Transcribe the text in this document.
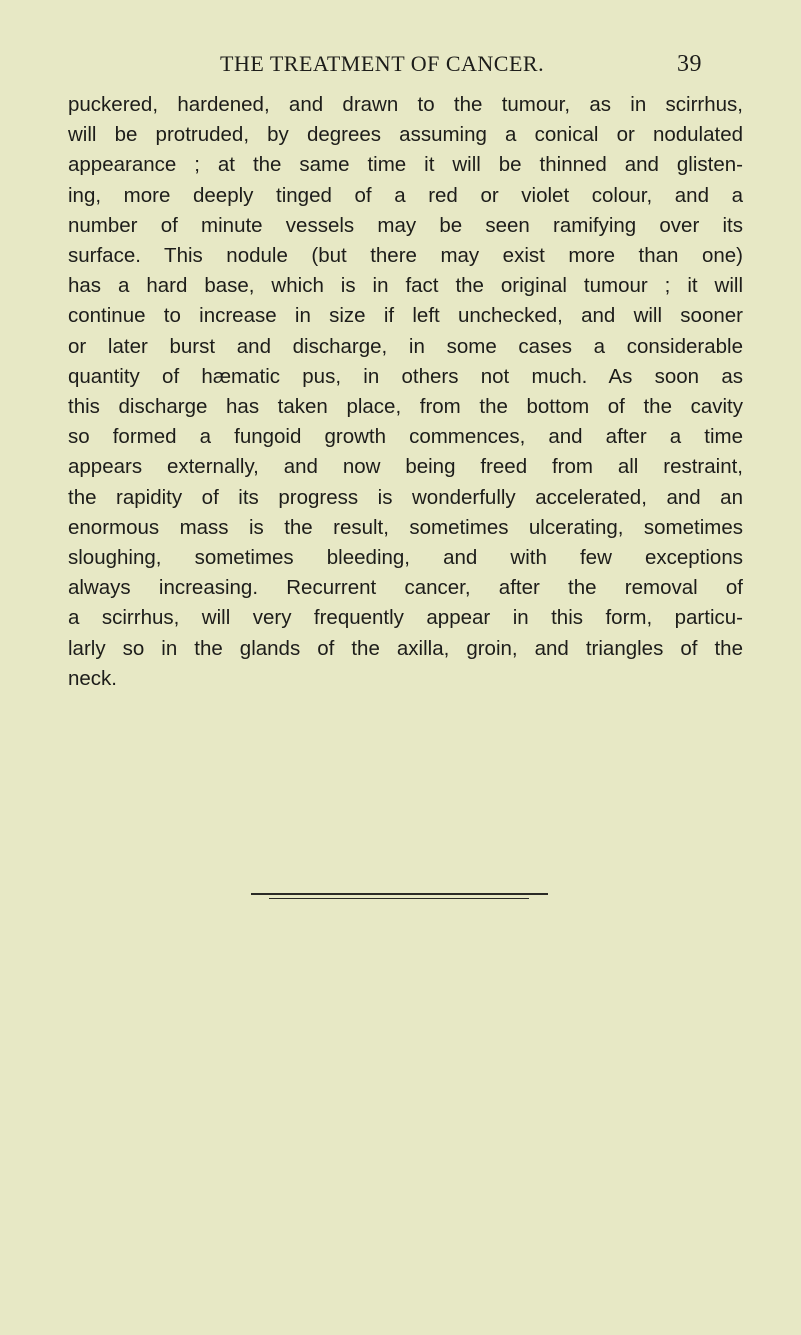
THE TREATMENT OF CANCER.	39
puckered, hardened, and drawn to the tumour, as in scirrhus,
will be protruded, by degrees assuming a conical or nodulated
appearance ; at the same time it will be thinned and glisten-
ing, more deeply tinged of a red or violet colour, and a
number of minute vessels may be seen ramifying over its
surface. This nodule (but there may exist more than one)
has a hard base, which is in fact the original tumour ; it will
continue to increase in size if left unchecked, and will sooner
or later burst and discharge, in some cases a considerable
quantity of hæmatic pus, in others not much. As soon as
this discharge has taken place, from the bottom of the cavity
so formed a fungoid growth commences, and after a time
appears externally, and now being freed from all restraint,
the rapidity of its progress is wonderfully accelerated, and an
enormous mass is the result, sometimes ulcerating, sometimes
sloughing, sometimes bleeding, and with few exceptions
always increasing. Recurrent cancer, after the removal of
a scirrhus, will very frequently appear in this form, particu-
larly so in the glands of the axilla, groin, and triangles of the
neck.
